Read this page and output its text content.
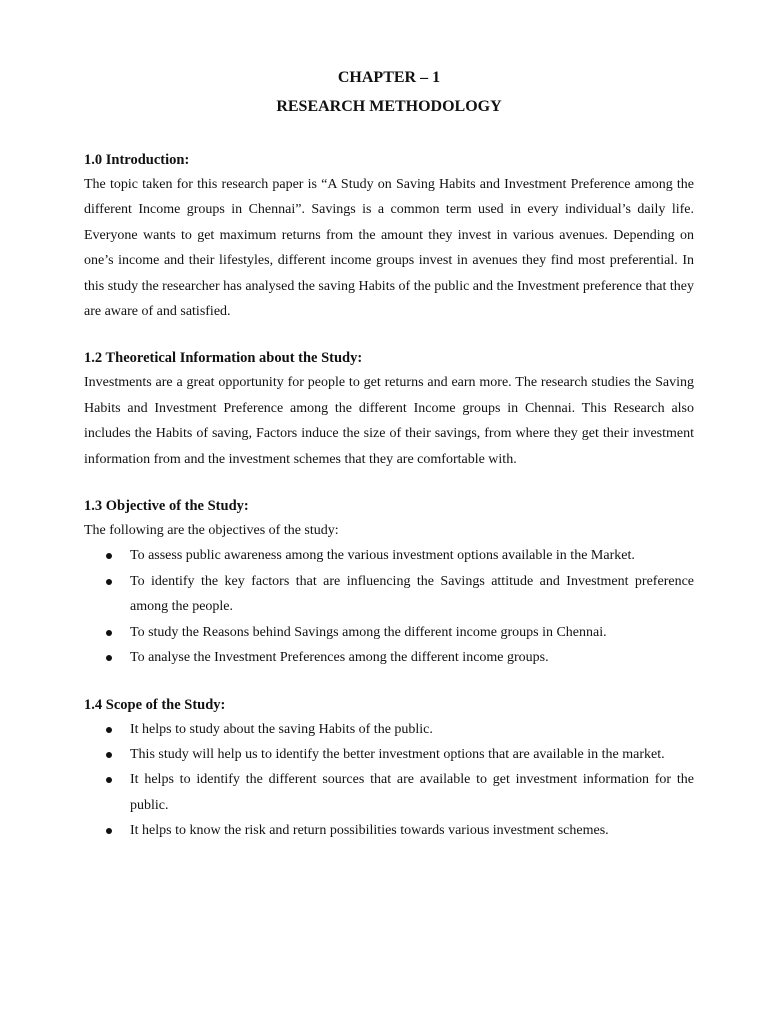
CHAPTER – 1

RESEARCH METHODOLOGY

1.0 Introduction:

The topic taken for this research paper is “A Study on Saving Habits and Investment Preference among the different Income groups in Chennai”. Savings is a common term used in every individual’s daily life. Everyone wants to get maximum returns from the amount they invest in various avenues. Depending on one’s income and their lifestyles, different income groups invest in avenues they find most preferential. In this study the researcher has analysed the saving Habits of the public and the Investment preference that they are aware of and satisfied.

1.2 Theoretical Information about the Study:

Investments are a great opportunity for people to get returns and earn more. The research studies the Saving Habits and Investment Preference among the different Income groups in Chennai. This Research also includes the Habits of saving, Factors induce the size of their savings, from where they get their investment information from and the investment schemes that they are comfortable with.

1.3 Objective of the Study:

The following are the objectives of the study:

To assess public awareness among the various investment options available in the Market.
To identify the key factors that are influencing the Savings attitude and Investment preference among the people.
To study the Reasons behind Savings among the different income groups in Chennai.
To analyse the Investment Preferences among the different income groups.

1.4 Scope of the Study:

It helps to study about the saving Habits of the public.
This study will help us to identify the better investment options that are available in the market.
It helps to identify the different sources that are available to get investment information for the public.
It helps to know the risk and return possibilities towards various investment schemes.
